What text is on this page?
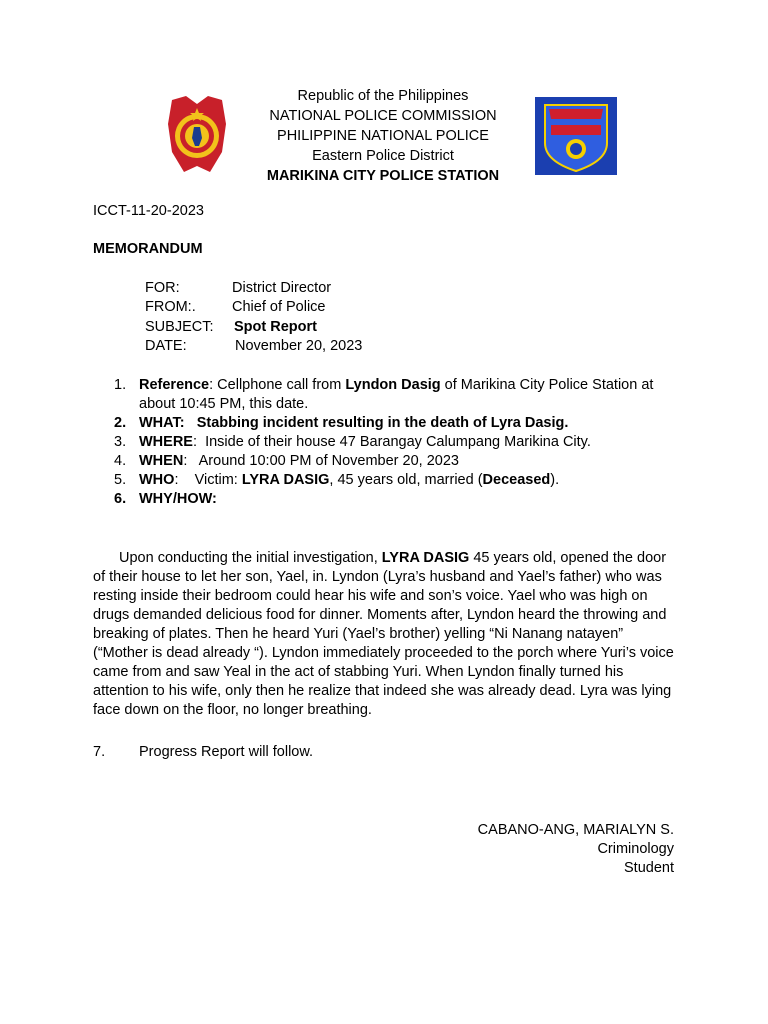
Republic of the Philippines
NATIONAL POLICE COMMISSION
PHILIPPINE NATIONAL POLICE
Eastern Police District
MARIKINA CITY POLICE STATION
ICCT-11-20-2023
MEMORANDUM
FOR:	District Director
FROM:.	Chief of Police
SUBJECT:	Spot Report
DATE:	November 20, 2023
1. Reference: Cellphone call from Lyndon Dasig of Marikina City Police Station at about 10:45 PM, this date.
2. WHAT:   Stabbing incident resulting in the death of Lyra Dasig.
3. WHERE:  Inside of their house 47 Barangay Calumpang Marikina City.
4. WHEN:   Around 10:00 PM of November 20, 2023
5. WHO:    Victim: LYRA DASIG, 45 years old, married (Deceased).
6. WHY/HOW:

Upon conducting the initial investigation, LYRA DASIG 45 years old, opened the door of their house to let her son, Yael, in. Lyndon (Lyra’s husband and Yael’s father) who was resting inside their bedroom could hear his wife and son’s voice. Yael who was high on drugs demanded delicious food for dinner. Moments after, Lyndon heard the throwing and breaking of plates. Then he heard Yuri (Yael’s brother) yelling “Ni Nanang natayen” (“Mother is dead already “). Lyndon immediately proceeded to the porch where Yuri’s voice came from and saw Yeal in the act of stabbing Yuri. When Lyndon finally turned his attention to his wife, only then he realize that indeed she was already dead. Lyra was lying face down on the floor, no longer breathing.

7.	Progress Report will follow.
CABANO-ANG, MARIALYN S.
Criminology
Student
